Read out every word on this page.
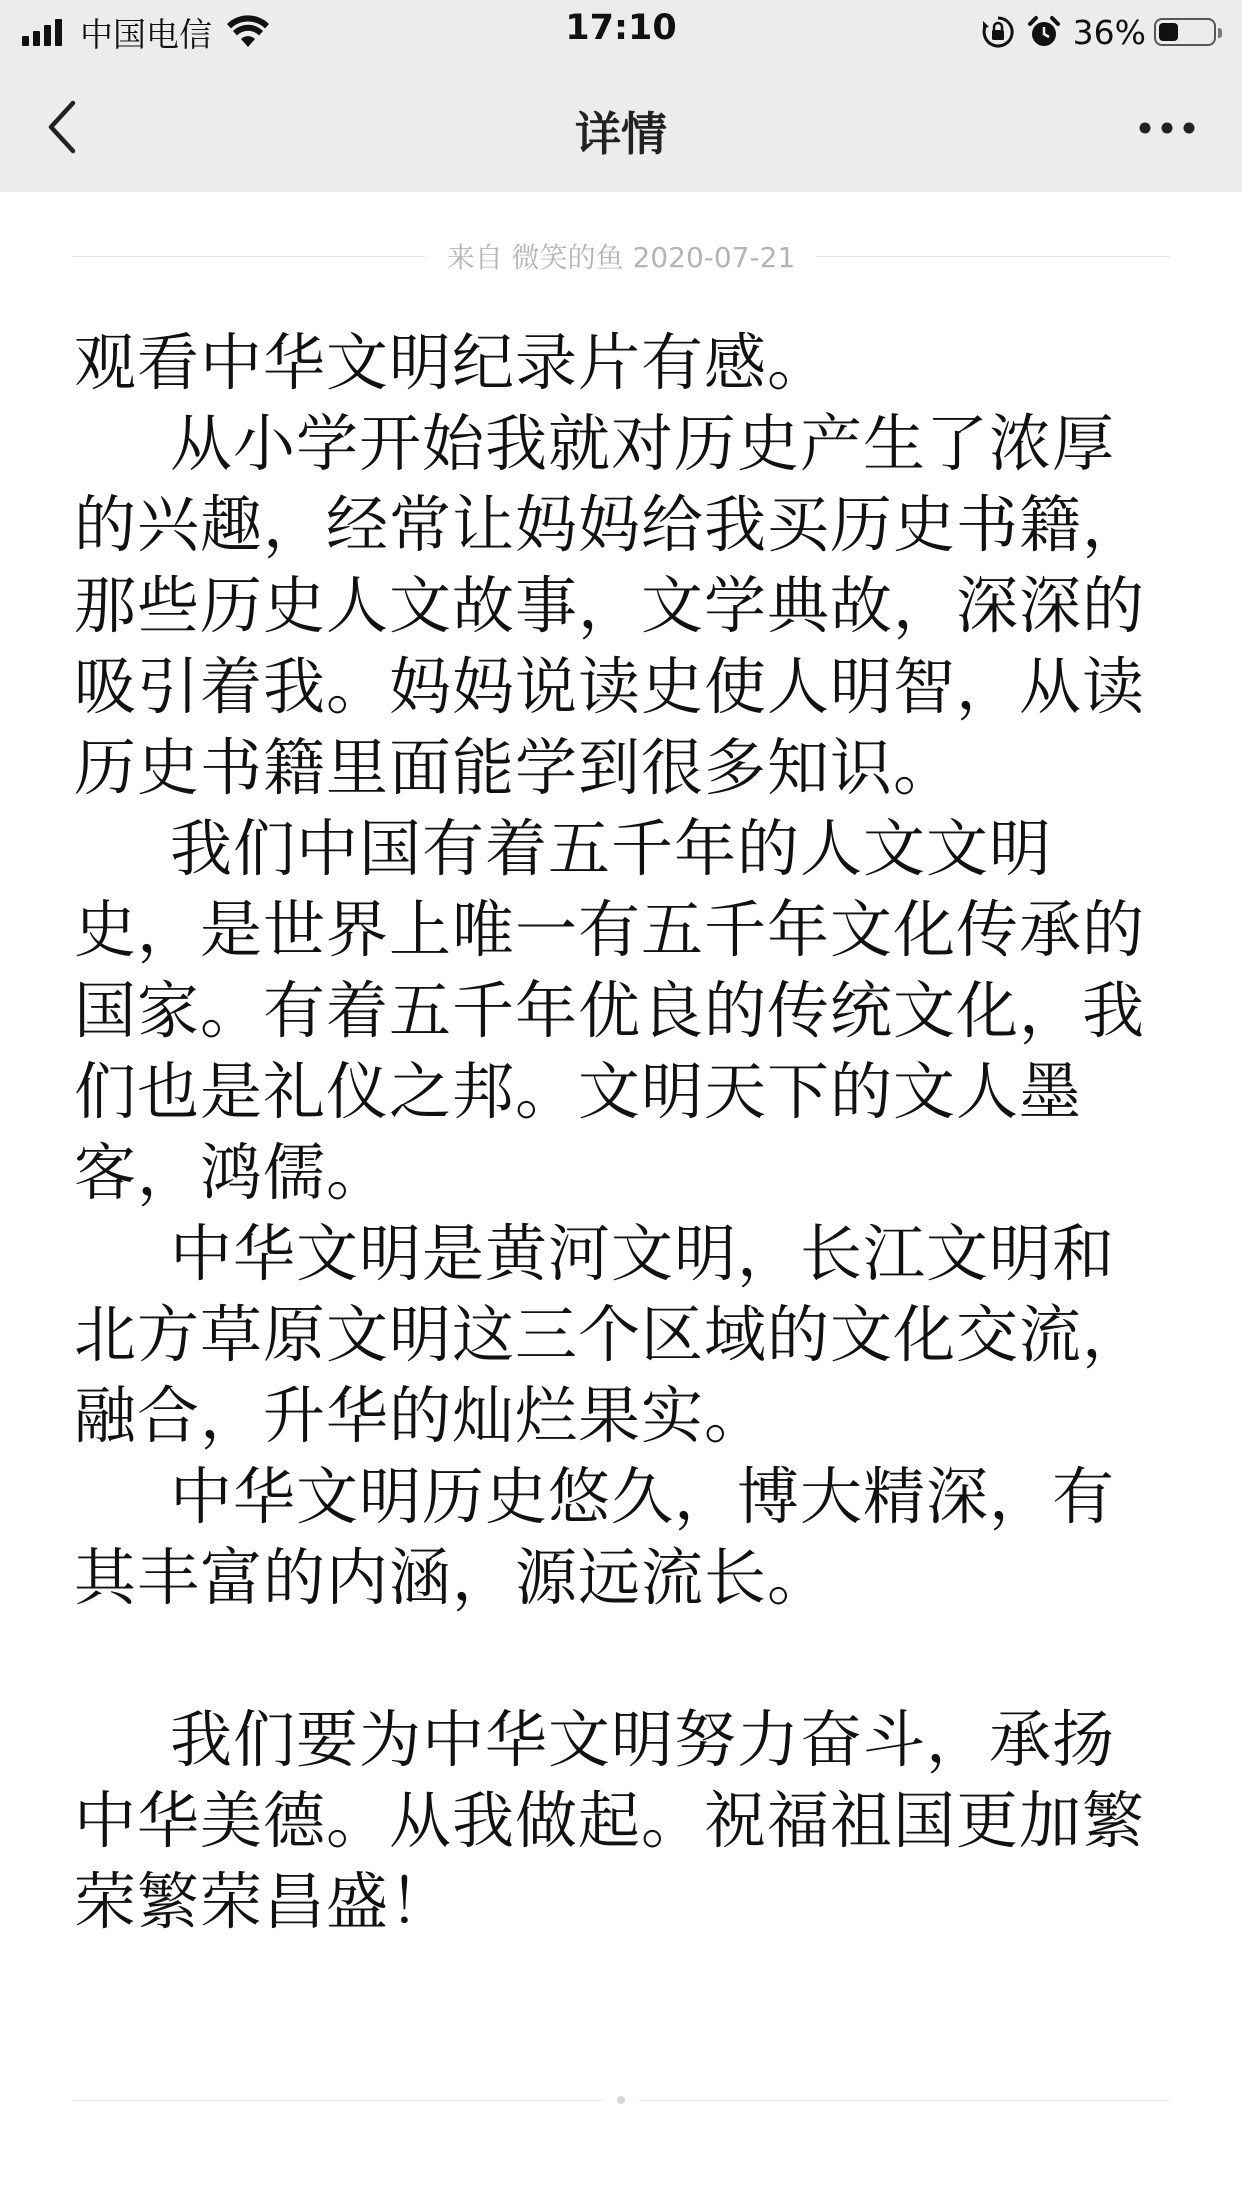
中国电信	17:10	36%
详情
来自 微笑的鱼 2020-07-21

观看中华文明纪录片有感。

从小学开始我就对历史产生了浓厚的兴趣，经常让妈妈给我买历史书籍，那些历史人文故事，文学典故，深深的吸引着我。妈妈说读史使人明智，从读历史书籍里面能学到很多知识。

我们中国有着五千年的人文文明史，是世界上唯一有五千年文化传承的国家。有着五千年优良的传统文化，我们也是礼仪之邦。文明天下的文人墨客，鸿儒。

中华文明是黄河文明，长江文明和北方草原文明这三个区域的文化交流，融合，升华的灿烂果实。

中华文明历史悠久，博大精深，有其丰富的内涵，源远流长。

我们要为中华文明努力奋斗，承扬中华美德。从我做起。祝福祖国更加繁荣繁荣昌盛！
